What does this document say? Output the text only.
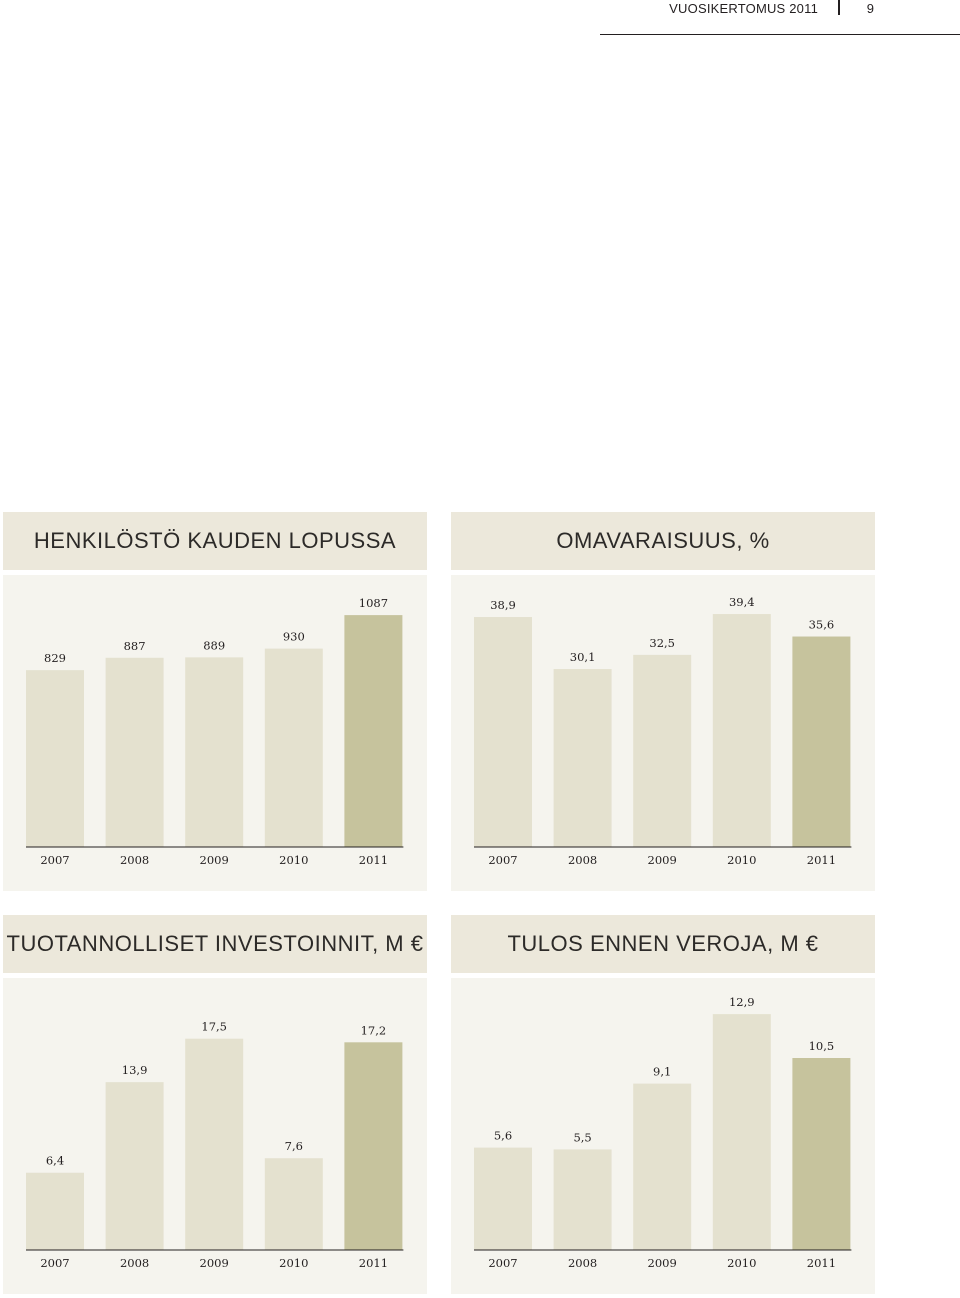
VUOSIKERTOMUS 2011	9
HENKILÖSTÖ KAUDEN LOPUSSA
829
2007
887
2008
889
2009
930
2010
1087
2011
OMAVARAISUUS, %
38,9
2007
30,1
2008
32,5
2009
39,4
2010
35,6
2011
TUOTANNOLLISET INVESTOINNIT, M €
6,4
2007
13,9
2008
17,5
2009
7,6
2010
17,2
2011
TULOS ENNEN VEROJA, M €
5,6
2007
5,5
2008
9,1
2009
12,9
2010
10,5
2011
